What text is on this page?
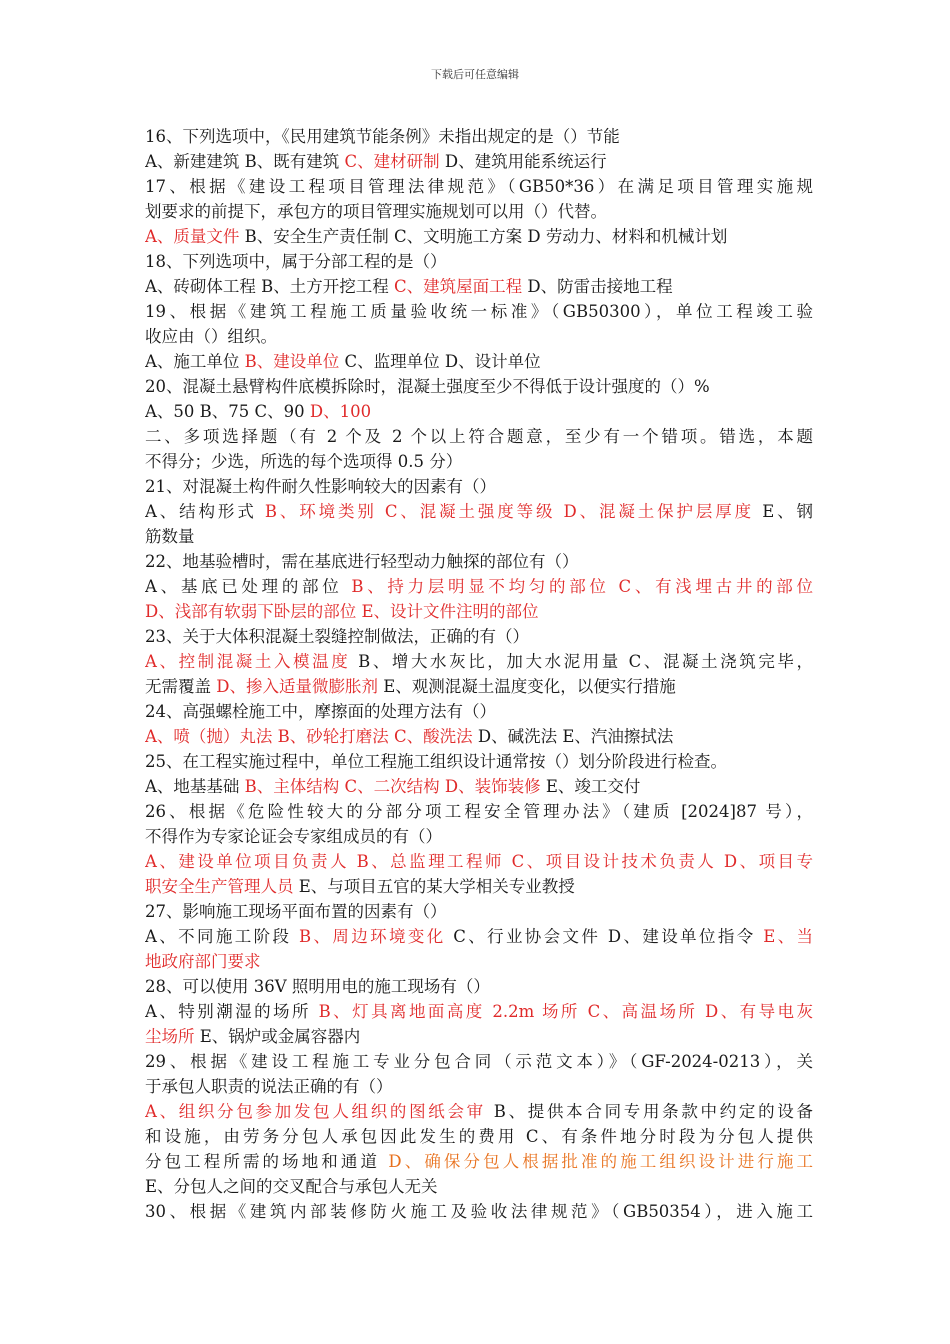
下载后可任意编辑
16、下列选项中，《民用建筑节能条例》未指出规定的是（）节能
A、新建建筑 B、既有建筑 C、建材研制 D、建筑用能系统运行
17、根据《建设工程项目管理法律规范》（GB50*36）在满足项目管理实施规
划要求的前提下，承包方的项目管理实施规划可以用（）代替。
A、质量文件 B、安全生产责任制 C、文明施工方案 D 劳动力、材料和机械计划
18、下列选项中，属于分部工程的是（）
A、砖砌体工程 B、土方开挖工程 C、建筑屋面工程 D、防雷击接地工程
19、根据《建筑工程施工质量验收统一标准》（GB50300），单位工程竣工验
收应由（）组织。
A、施工单位 B、建设单位 C、监理单位 D、设计单位
20、混凝土悬臂构件底模拆除时，混凝土强度至少不得低于设计强度的（）%
A、50 B、75 C、90 D、100
二、多项选择题（有 2 个及 2 个以上符合题意，至少有一个错项。错选，本题
不得分；少选，所选的每个选项得 0.5 分）
21、对混凝土构件耐久性影响较大的因素有（）
A、结构形式 B、环境类别 C、混凝土强度等级 D、混凝土保护层厚度 E、钢
筋数量
22、地基验槽时，需在基底进行轻型动力触探的部位有（）
A、基底已处理的部位 B、持力层明显不均匀的部位 C、有浅埋古井的部位
D、浅部有软弱下卧层的部位 E、设计文件注明的部位
23、关于大体积混凝土裂缝控制做法，正确的有（）
A、控制混凝土入模温度 B、增大水灰比，加大水泥用量 C、混凝土浇筑完毕，
无需覆盖 D、掺入适量微膨胀剂 E、观测混凝土温度变化，以便实行措施
24、高强螺栓施工中，摩擦面的处理方法有（）
A、喷（抛）丸法 B、砂轮打磨法 C、酸洗法 D、碱洗法 E、汽油擦拭法
25、在工程实施过程中，单位工程施工组织设计通常按（）划分阶段进行检查。
A、地基基础 B、主体结构 C、二次结构 D、装饰装修 E、竣工交付
26、根据《危险性较大的分部分项工程安全管理办法》（建质 [2024]87 号），
不得作为专家论证会专家组成员的有（）
A、建设单位项目负责人 B、总监理工程师 C、项目设计技术负责人 D、项目专
职安全生产管理人员 E、与项目五官的某大学相关专业教授
27、影响施工现场平面布置的因素有（）
A、不同施工阶段 B、周边环境变化 C、行业协会文件 D、建设单位指令 E、当
地政府部门要求
28、可以使用 36V 照明用电的施工现场有（）
A、特别潮湿的场所 B、灯具离地面高度 2.2m 场所 C、高温场所 D、有导电灰
尘场所 E、锅炉或金属容器内
29、根据《建设工程施工专业分包合同（示范文本）》（GF-2024-0213），关
于承包人职责的说法正确的有（）
A、组织分包参加发包人组织的图纸会审 B、提供本合同专用条款中约定的设备
和设施，由劳务分包人承包因此发生的费用 C、有条件地分时段为分包人提供
分包工程所需的场地和通道 D、确保分包人根据批准的施工组织设计进行施工
E、分包人之间的交叉配合与承包人无关
30、根据《建筑内部装修防火施工及验收法律规范》（GB50354），进入施工
